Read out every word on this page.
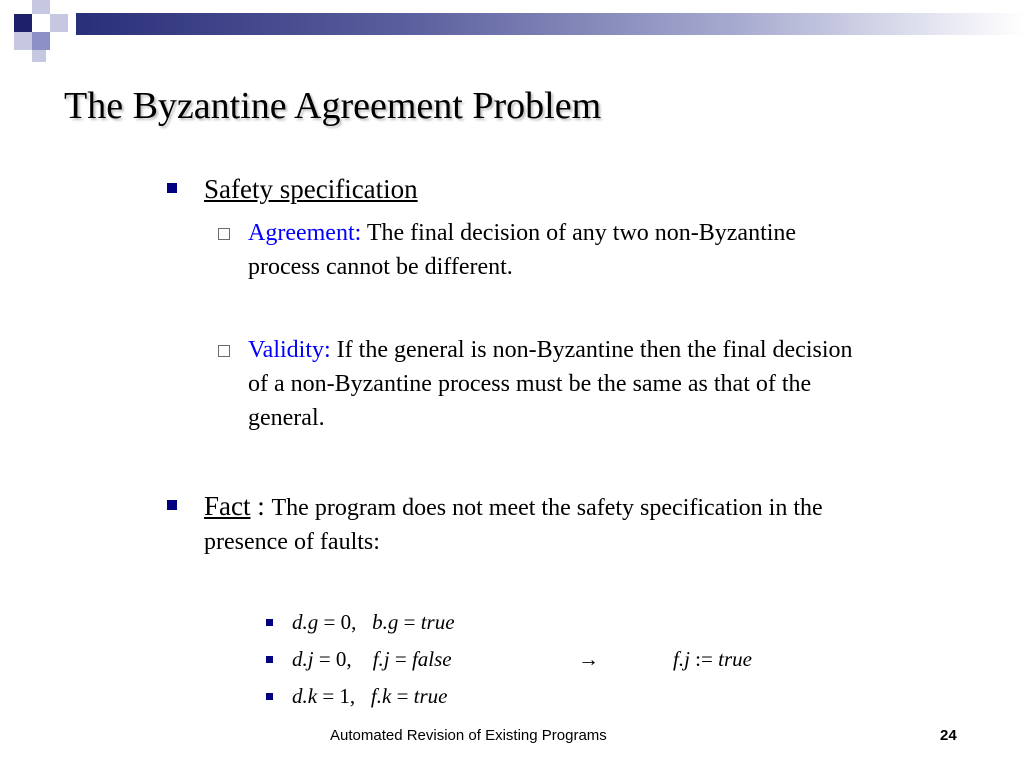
The Byzantine Agreement Problem
Safety specification
Agreement: The final decision of any two non-Byzantine
process cannot be different.
Validity: If the general is non-Byzantine then the final decision
of a non-Byzantine process must be the same as that of the
general.
Fact : The program does not meet the safety specification in the
presence of faults:
d.g = 0, b.g = true
d.j = 0, f.j = false	→	f.j := true
d.k = 1, f.k = true
Automated Revision of Existing Programs	24
